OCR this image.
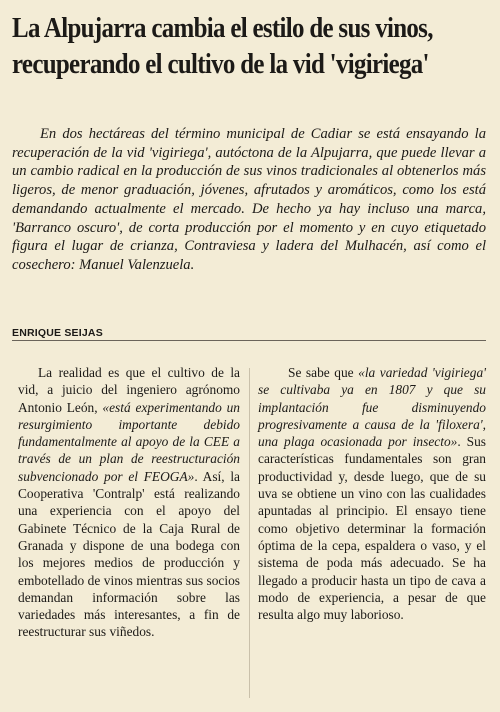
La Alpujarra cambia el estilo de sus vinos,
recuperando el cultivo de la vid 'vigiriega'

En dos hectáreas del término municipal de Cadiar se está ensayando la recuperación de la vid 'vigiriega', autóctona de la Alpujarra, que puede llevar a un cambio radical en la producción de sus vinos tradicionales al obtenerlos más ligeros, de menor graduación, jóvenes, afrutados y aromáticos, como los está demandando actualmente el mercado. De hecho ya hay incluso una marca, 'Barranco oscuro', de corta producción por el momento y en cuyo etiquetado figura el lugar de crianza, Contraviesa y ladera del Mulhacén, así como el cosechero: Manuel Valenzuela.

ENRIQUE SEIJAS

La realidad es que el cultivo de la vid, a juicio del ingeniero agrónomo Antonio León, «está experimentando un resurgimiento importante debido fundamentalmente al apoyo de la CEE a través de un plan de reestructuración subvencionado por el FEOGA». Así, la Cooperativa 'Contralp' está realizando una experiencia con el apoyo del Gabinete Técnico de la Caja Rural de Granada y dispone de una bodega con los mejores medios de producción y embotellado de vinos mientras sus socios demandan información sobre las variedades más interesantes, a fin de reestructurar sus viñedos.

Se sabe que «la variedad 'vigiriega' se cultivaba ya en 1807 y que su implantación fue disminuyendo progresivamente a causa de la 'filoxera', una plaga ocasionada por insecto». Sus características fundamentales son gran productividad y, desde luego, que de su uva se obtiene un vino con las cualidades apuntadas al principio. El ensayo tiene como objetivo determinar la formación óptima de la cepa, espaldera o vaso, y el sistema de poda más adecuado. Se ha llegado a producir hasta un tipo de cava a modo de experiencia, a pesar de que resulta algo muy laborioso.
